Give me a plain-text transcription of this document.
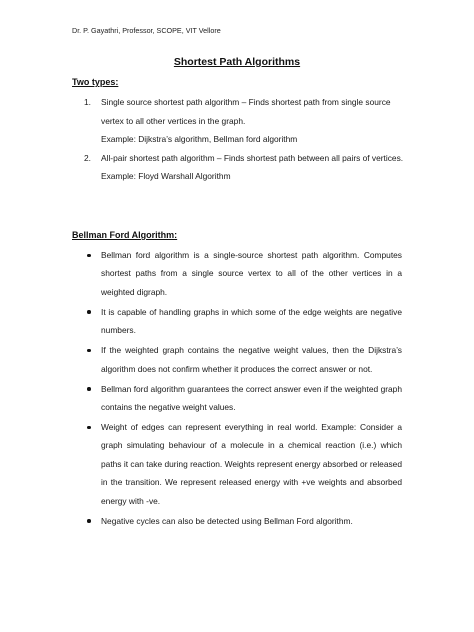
Dr. P. Gayathri, Professor, SCOPE, VIT Vellore
Shortest Path Algorithms
Two types:
1. Single source shortest path algorithm – Finds shortest path from single source vertex to all other vertices in the graph.
Example: Dijkstra’s algorithm, Bellman ford algorithm
2. All-pair shortest path algorithm – Finds shortest path between all pairs of vertices.
Example: Floyd Warshall Algorithm
Bellman Ford Algorithm:
Bellman ford algorithm is a single-source shortest path algorithm. Computes shortest paths from a single source vertex to all of the other vertices in a weighted digraph.
It is capable of handling graphs in which some of the edge weights are negative numbers.
If the weighted graph contains the negative weight values, then the Dijkstra’s algorithm does not confirm whether it produces the correct answer or not.
Bellman ford algorithm guarantees the correct answer even if the weighted graph contains the negative weight values.
Weight of edges can represent everything in real world. Example: Consider a graph simulating behaviour of a molecule in a chemical reaction (i.e.) which paths it can take during reaction. Weights represent energy absorbed or released in the transition. We represent released energy with +ve weights and absorbed energy with -ve.
Negative cycles can also be detected using Bellman Ford algorithm.
